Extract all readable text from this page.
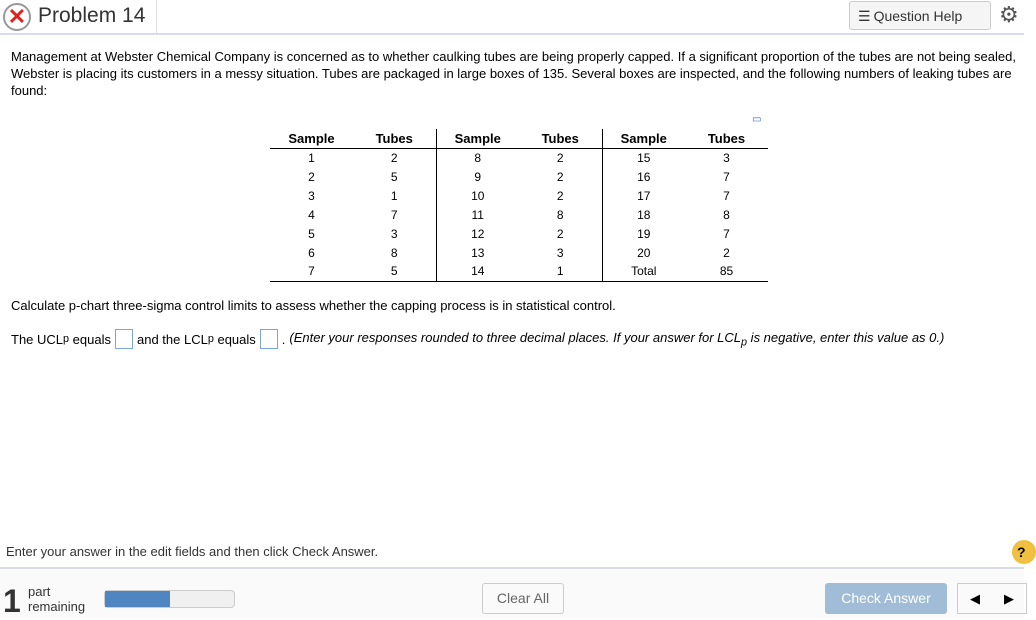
✕ Problem 14	☰ Question Help	⚙
Management at Webster Chemical Company is concerned as to whether caulking tubes are being properly capped. If a significant proportion of the tubes are not being sealed, Webster is placing its customers in a messy situation. Tubes are packaged in large boxes of 135. Several boxes are inspected, and the following numbers of leaking tubes are found:
▭
Sample	Tubes	Sample	Tubes	Sample	Tubes
1	2	8	2	15	3
2	5	9	2	16	7
3	1	10	2	17	7
4	7	11	8	18	8
5	3	12	2	19	7
6	8	13	3	20	2
7	5	14	1	Total	85
Calculate p-chart three-sigma control limits to assess whether the capping process is in statistical control.
The UCL p equals and the LCL p equals . (Enter your responses rounded to three decimal places. If your answer for $LCL_p$ is negative, enter this value as 0.)
Enter your answer in the edit fields and then click Check Answer.	?
1 part
remaining
Clear All	Check Answer	◀	▶
